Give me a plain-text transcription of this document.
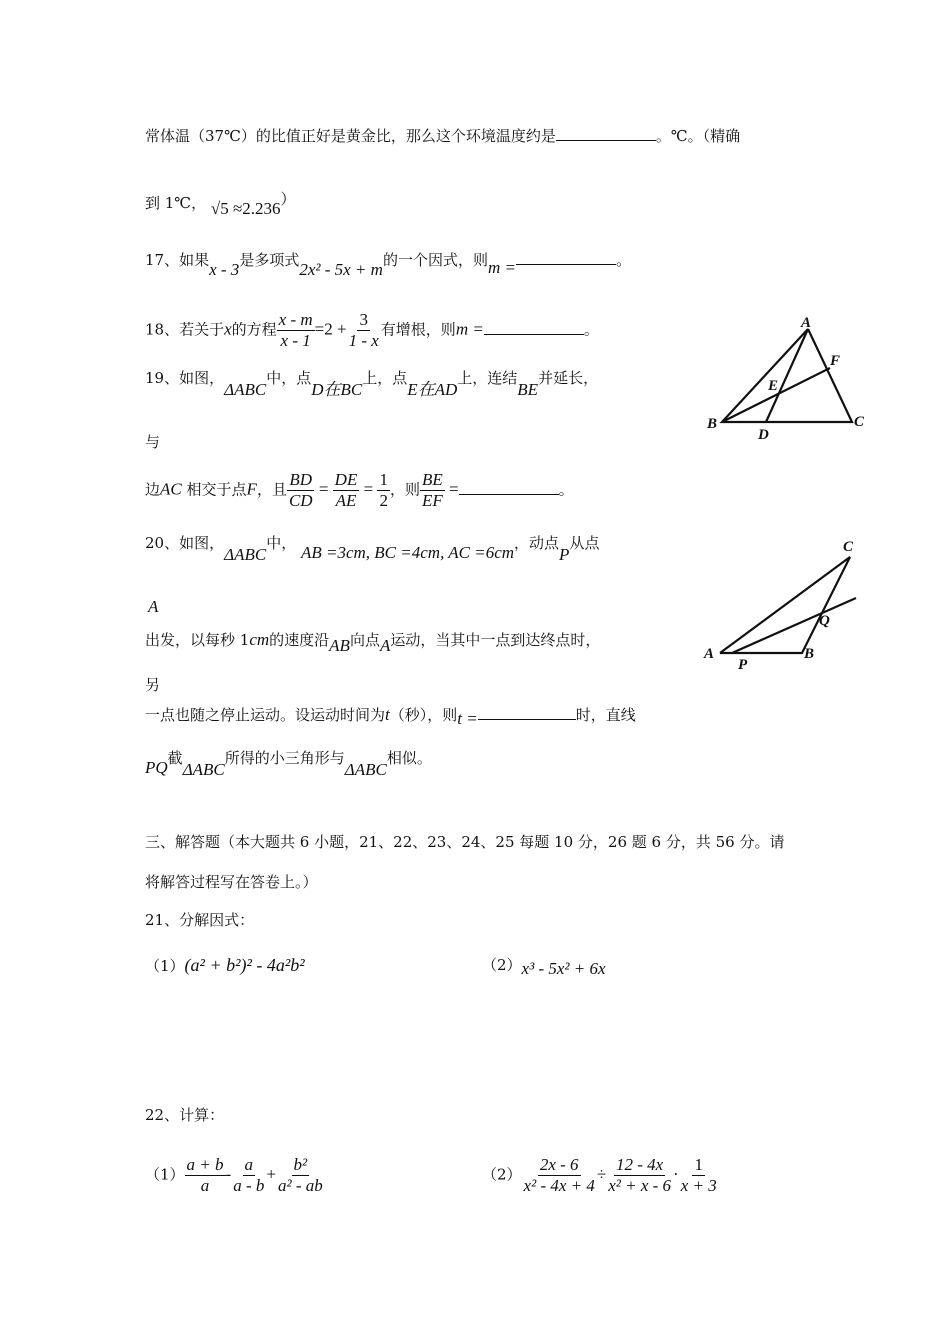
常体温（37℃）的比值正好是黄金比，那么这个环境温度约是	。℃。（精确
到 1℃， √5 ≈2.236）
17、如果x - 3是多项式2x² - 5x + m的一个因式，则m =	。
18、若关于x的方程 $\frac{x - m}{x - 1} =2 + \frac{3}{1 - x}$ 有增根，则m =	。
19、如图，ΔABC中，点D在BC上，点E在AD上，连结BE并延长，
与
边AC 相交于点F，且 $\frac{BD}{CD} = \frac{DE}{AE} = \frac{1}{2}$ ，则 $\frac{BE}{EF}$ =	。
A
B	C
D
E
F
20、如图，ΔABC中， AB =3cm, BC =4cm, AC =6cm，动点P从点
A
出发，以每秒 1cm的速度沿AB向点A运动，当其中一点到达终点时，
另
一点也随之停止运动。设运动时间为t（秒），则t =	时，直线
PQ截ΔABC所得的小三角形与ΔABC相似。
A	B
C
P
Q
三、解答题（本大题共 6 小题，21、22、23、24、25 每题 10 分，26 题 6 分，共 56 分。请
将解答过程写在答卷上。）
21、分解因式：
（1）(a² + b²)² - 4a²b²	（2）x³ - 5x² + 6x
22、计算：
$(1) \frac{a + b}{a} - \frac{a}{a - b} + \frac{\text{b²}}{\text{a² - ab}}$	$(2) \frac{2x - 6}{\text{x² - 4x + 4}} \div \frac{12 - 4x}{\text{x² + x - 6}} \cdot \frac{1}{x + 3}$
